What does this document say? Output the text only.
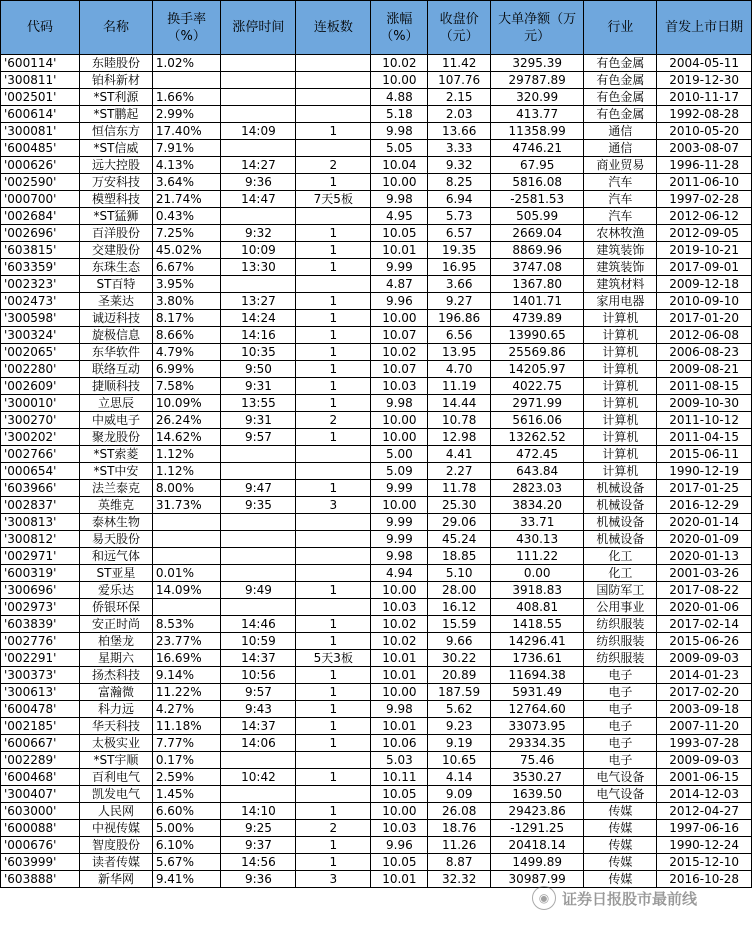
代码	名称	换手率（%）	涨停时间	连板数	涨幅（%）	收盘价（元）	大单净额（万元）	行业	首发上市日期
'600114'	东睦股份	1.02%			10.02	11.42	3295.39	有色金属	2004-05-11
'300811'	铂科新材				10.00	107.76	29787.89	有色金属	2019-12-30
'002501'	*ST利源	1.66%			4.88	2.15	320.99	有色金属	2010-11-17
'600614'	*ST鹏起	2.99%			5.18	2.03	413.77	有色金属	1992-08-28
'300081'	恒信东方	17.40%	14:09	1	9.98	13.66	11358.99	通信	2010-05-20
'600485'	*ST信威	7.91%			5.05	3.33	4746.21	通信	2003-08-07
'000626'	远大控股	4.13%	14:27	2	10.04	9.32	67.95	商业贸易	1996-11-28
'002590'	万安科技	3.64%	9:36	1	10.00	8.25	5816.08	汽车	2011-06-10
'000700'	模塑科技	21.74%	14:47	7天5板	9.98	6.94	-2581.53	汽车	1997-02-28
'002684'	*ST猛狮	0.43%			4.95	5.73	505.99	汽车	2012-06-12
'002696'	百洋股份	7.25%	9:32	1	10.05	6.57	2669.04	农林牧渔	2012-09-05
'603815'	交建股份	45.02%	10:09	1	10.01	19.35	8869.96	建筑装饰	2019-10-21
'603359'	东珠生态	6.67%	13:30	1	9.99	16.95	3747.08	建筑装饰	2017-09-01
'002323'	ST百特	3.95%			4.87	3.66	1367.80	建筑材料	2009-12-18
'002473'	圣莱达	3.80%	13:27	1	9.96	9.27	1401.71	家用电器	2010-09-10
'300598'	诚迈科技	8.17%	14:24	1	10.00	196.86	4739.89	计算机	2017-01-20
'300324'	旋极信息	8.66%	14:16	1	10.07	6.56	13990.65	计算机	2012-06-08
'002065'	东华软件	4.79%	10:35	1	10.02	13.95	25569.86	计算机	2006-08-23
'002280'	联络互动	6.99%	9:50	1	10.07	4.70	14205.97	计算机	2009-08-21
'002609'	捷顺科技	7.58%	9:31	1	10.03	11.19	4022.75	计算机	2011-08-15
'300010'	立思辰	10.09%	13:55	1	9.98	14.44	2971.99	计算机	2009-10-30
'300270'	中威电子	26.24%	9:31	2	10.00	10.78	5616.06	计算机	2011-10-12
'300202'	聚龙股份	14.62%	9:57	1	10.00	12.98	13262.52	计算机	2011-04-15
'002766'	*ST索菱	1.12%			5.00	4.41	472.45	计算机	2015-06-11
'000654'	*ST中安	1.12%			5.09	2.27	643.84	计算机	1990-12-19
'603966'	法兰泰克	8.00%	9:47	1	9.99	11.78	2823.03	机械设备	2017-01-25
'002837'	英维克	31.73%	9:35	3	10.00	25.30	3834.20	机械设备	2016-12-29
'300813'	泰林生物				9.99	29.06	33.71	机械设备	2020-01-14
'300812'	易天股份				9.99	45.24	430.13	机械设备	2020-01-09
'002971'	和远气体				9.98	18.85	111.22	化工	2020-01-13
'600319'	ST亚星	0.01%			4.94	5.10	0.00	化工	2001-03-26
'300696'	爱乐达	14.09%	9:49	1	10.00	28.00	3918.83	国防军工	2017-08-22
'002973'	侨银环保				10.03	16.12	408.81	公用事业	2020-01-06
'603839'	安正时尚	8.53%	14:46	1	10.02	15.59	1418.55	纺织服装	2017-02-14
'002776'	柏堡龙	23.77%	10:59	1	10.02	9.66	14296.41	纺织服装	2015-06-26
'002291'	星期六	16.69%	14:37	5天3板	10.01	30.22	1736.61	纺织服装	2009-09-03
'300373'	扬杰科技	9.14%	10:56	1	10.01	20.89	11694.38	电子	2014-01-23
'300613'	富瀚微	11.22%	9:57	1	10.00	187.59	5931.49	电子	2017-02-20
'600478'	科力远	4.27%	9:43	1	9.98	5.62	12764.60	电子	2003-09-18
'002185'	华天科技	11.18%	14:37	1	10.01	9.23	33073.95	电子	2007-11-20
'600667'	太极实业	7.77%	14:06	1	10.06	9.19	29334.35	电子	1993-07-28
'002289'	*ST宇顺	0.17%			5.03	10.65	75.46	电子	2009-09-03
'600468'	百利电气	2.59%	10:42	1	10.11	4.14	3530.27	电气设备	2001-06-15
'300407'	凯发电气	1.45%			10.05	9.09	1639.50	电气设备	2014-12-03
'603000'	人民网	6.60%	14:10	1	10.00	26.08	29423.86	传媒	2012-04-27
'600088'	中视传媒	5.00%	9:25	2	10.03	18.76	-1291.25	传媒	1997-06-16
'000676'	智度股份	6.10%	9:37	1	9.96	11.26	20418.14	传媒	1990-12-24
'603999'	读者传媒	5.67%	14:56	1	10.05	8.87	1499.89	传媒	2015-12-10
'603888'	新华网	9.41%	9:36	3	10.01	32.32	30987.99	传媒	2016-10-28
◉ 证券日报股市最前线
